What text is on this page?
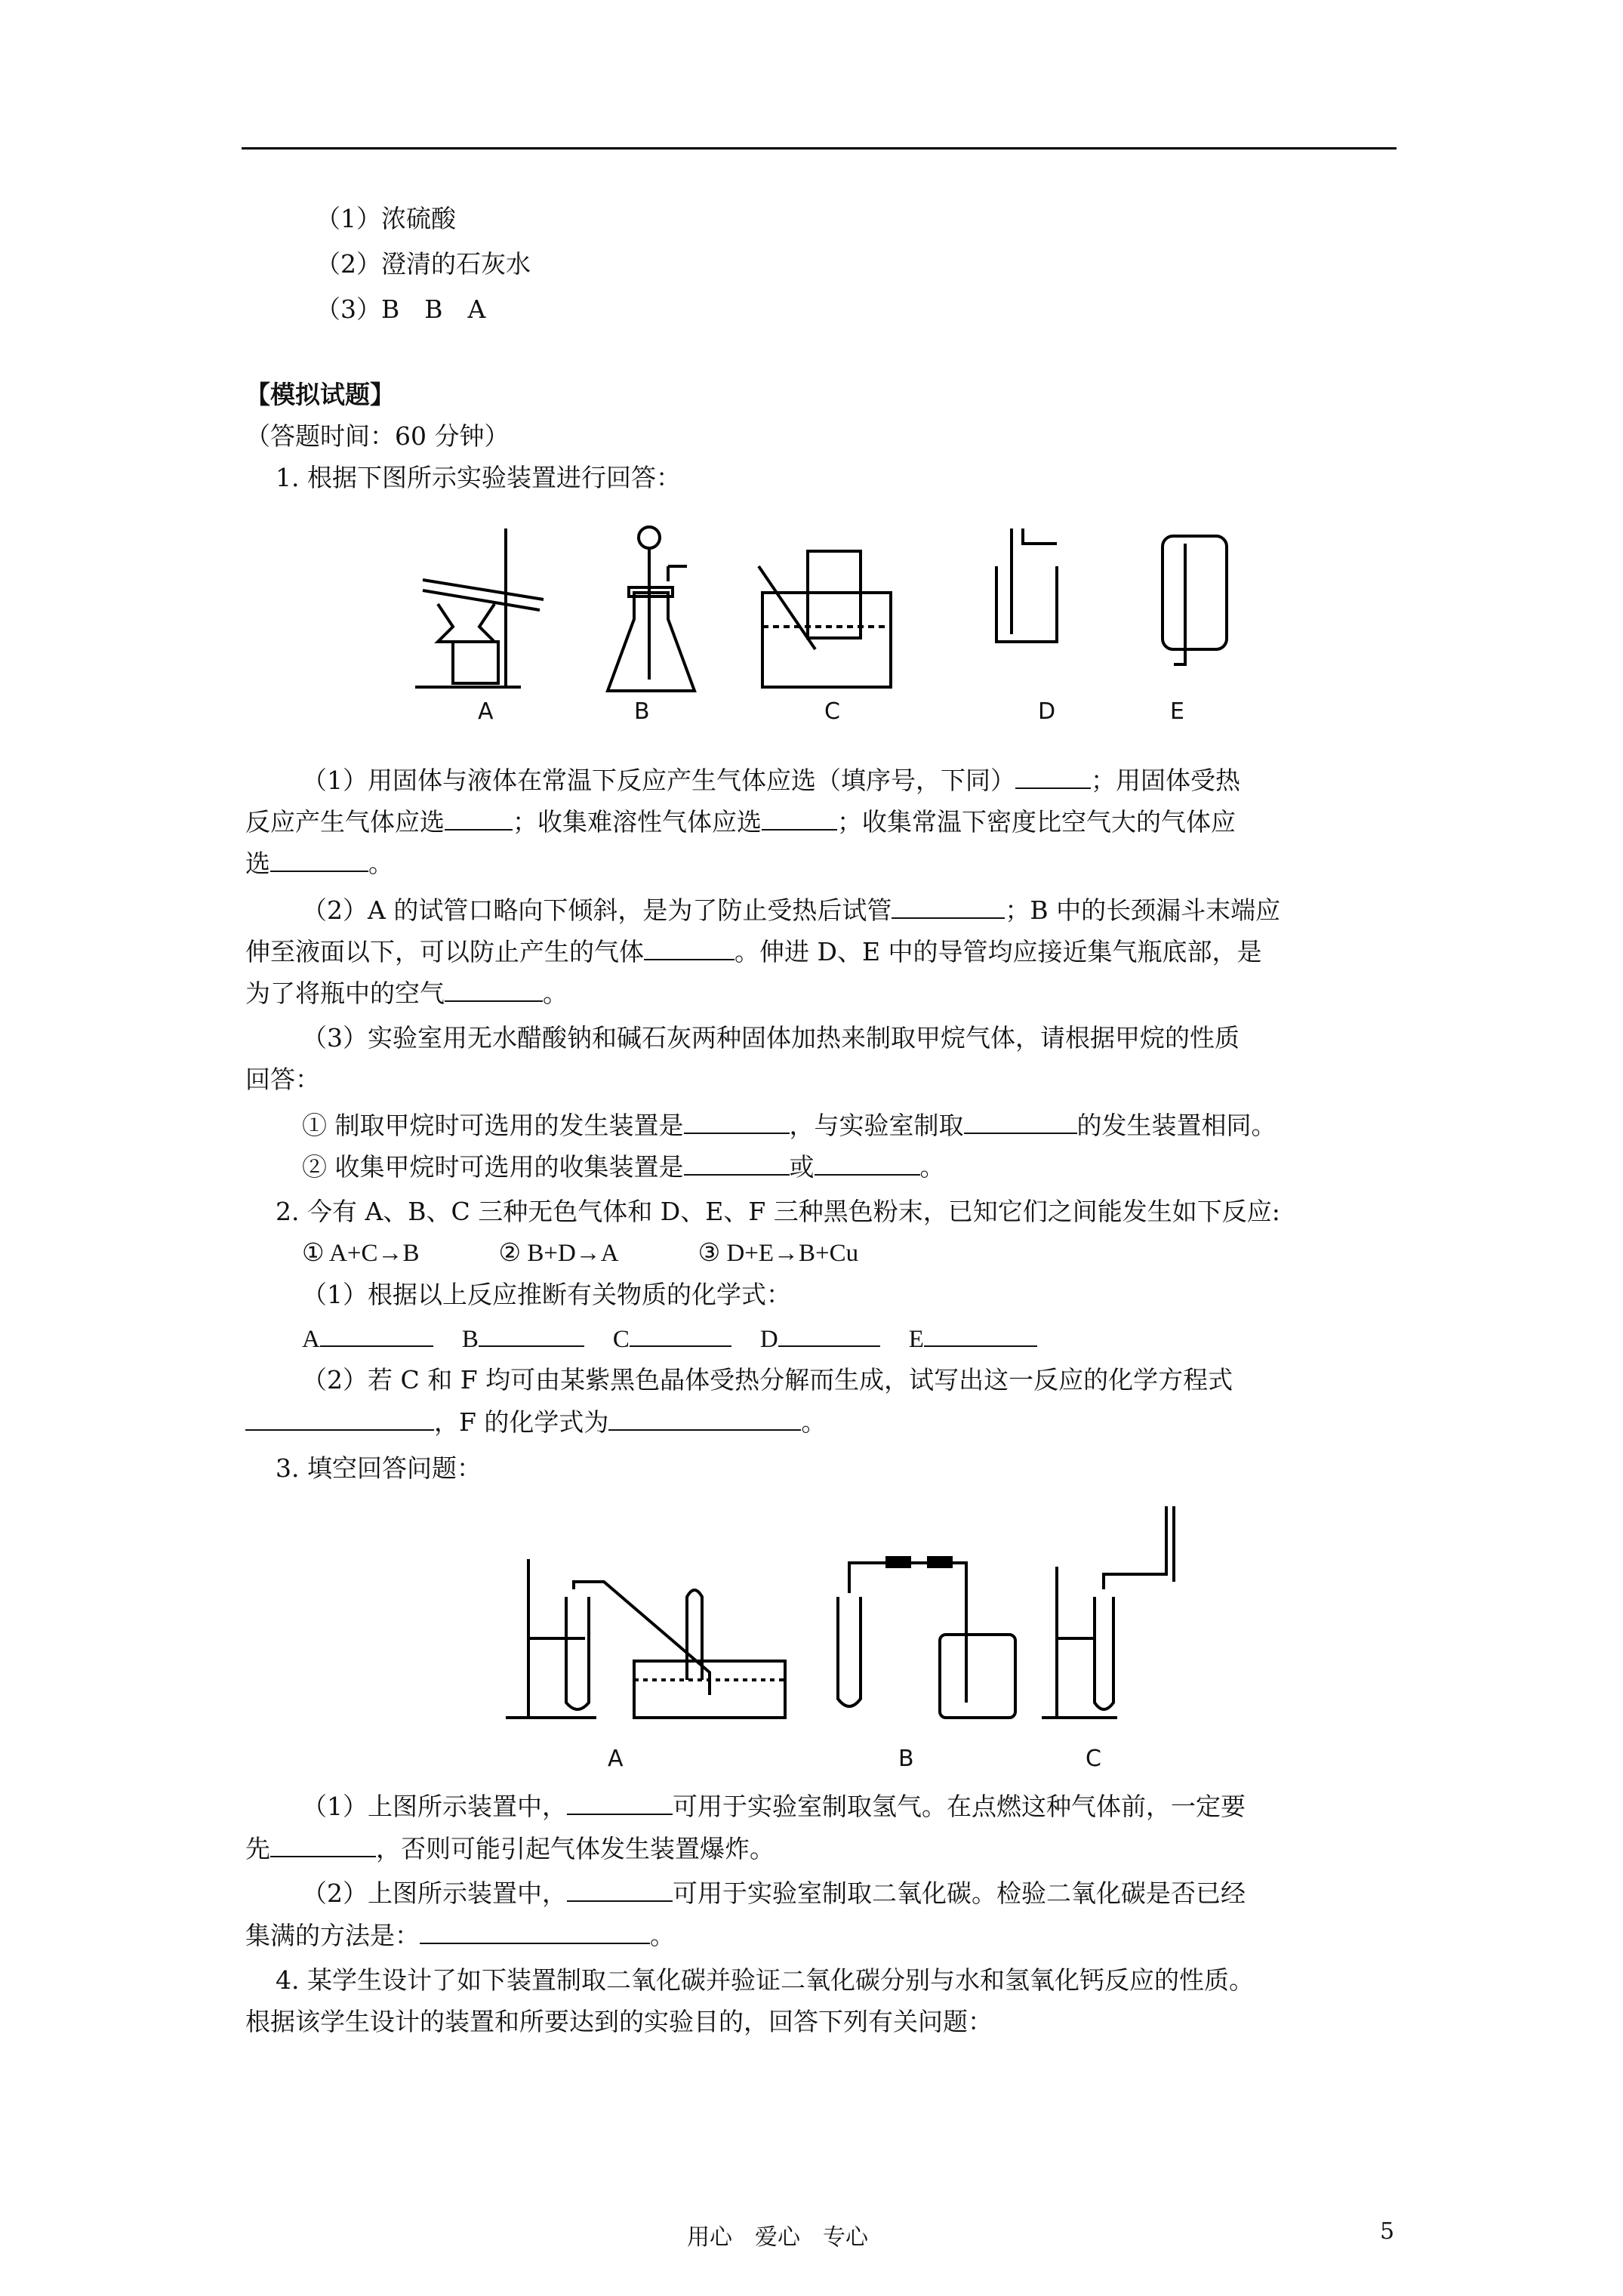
（1）浓硫酸
（2）澄清的石灰水
（3）B　B　A
【模拟试题】
（答题时间：60 分钟）
1. 根据下图所示实验装置进行回答：
A	B	C	D	E
（1）用固体与液体在常温下反应产生气体应选（填序号，下同）	；用固体受热
反应产生气体应选	；收集难溶性气体应选	；收集常温下密度比空气大的气体应
选	。
（2）A 的试管口略向下倾斜，是为了防止受热后试管	；B 中的长颈漏斗末端应
伸至液面以下，可以防止产生的气体	。伸进 D、E 中的导管均应接近集气瓶底部，是
为了将瓶中的空气	。
（3）实验室用无水醋酸钠和碱石灰两种固体加热来制取甲烷气体，请根据甲烷的性质
回答：
① 制取甲烷时可选用的发生装置是	，与实验室制取	的发生装置相同。
② 收集甲烷时可选用的收集装置是	或	。
2. 今有 A、B、C 三种无色气体和 D、E、F 三种黑色粉末，已知它们之间能发生如下反应:
① A+C→B	② B+D→A	③ D+E→B+Cu
（1）根据以上反应推断有关物质的化学式：
A	B	C	D	E
（2）若 C 和 F 均可由某紫黑色晶体受热分解而生成，试写出这一反应的化学方程式
，F 的化学式为	。
3. 填空回答问题：
A	B	C
（1）上图所示装置中，	可用于实验室制取氢气。在点燃这种气体前，一定要
先	，否则可能引起气体发生装置爆炸。
（2）上图所示装置中，	可用于实验室制取二氧化碳。检验二氧化碳是否已经
集满的方法是：	。
4. 某学生设计了如下装置制取二氧化碳并验证二氧化碳分别与水和氢氧化钙反应的性质。
根据该学生设计的装置和所要达到的实验目的，回答下列有关问题：
用心　爱心　专心	5
